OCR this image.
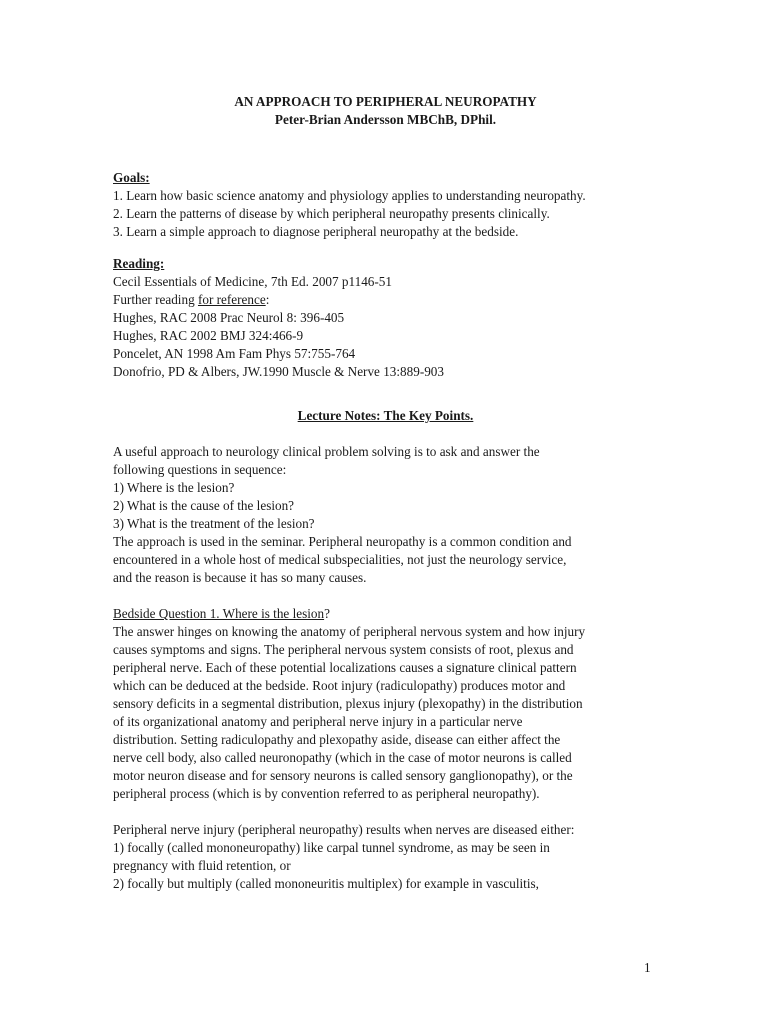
AN APPROACH TO PERIPHERAL NEUROPATHY
Peter-Brian Andersson MBChB, DPhil.
Goals:
1. Learn how basic science anatomy and physiology applies to understanding neuropathy.
2. Learn the patterns of disease by which peripheral neuropathy presents clinically.
3. Learn a simple approach to diagnose peripheral neuropathy at the bedside.
Reading:
Cecil Essentials of Medicine, 7th Ed. 2007 p1146-51
Further reading for reference:
Hughes, RAC 2008 Prac Neurol 8: 396-405
Hughes, RAC 2002 BMJ 324:466-9
Poncelet, AN 1998 Am Fam Phys 57:755-764
Donofrio, PD & Albers, JW.1990 Muscle & Nerve 13:889-903
Lecture Notes: The Key Points.
A useful approach to neurology clinical problem solving is to ask and answer the
following questions in sequence:
1) Where is the lesion?
2) What is the cause of the lesion?
3) What is the treatment of the lesion?
The approach is used in the seminar. Peripheral neuropathy is a common condition and
encountered in a whole host of medical subspecialities, not just the neurology service,
and the reason is because it has so many causes.
Bedside Question 1. Where is the lesion?
The answer hinges on knowing the anatomy of peripheral nervous system and how injury
causes symptoms and signs. The peripheral nervous system consists of root, plexus and
peripheral nerve. Each of these potential localizations causes a signature clinical pattern
which can be deduced at the bedside. Root injury (radiculopathy) produces motor and
sensory deficits in a segmental distribution, plexus injury (plexopathy) in the distribution
of its organizational anatomy and peripheral nerve injury in a particular nerve
distribution. Setting radiculopathy and plexopathy aside, disease can either affect the
nerve cell body, also called neuronopathy (which in the case of motor neurons is called
motor neuron disease and for sensory neurons is called sensory ganglionopathy), or the
peripheral process (which is by convention referred to as peripheral neuropathy).
Peripheral nerve injury (peripheral neuropathy) results when nerves are diseased either:
1) focally (called mononeuropathy) like carpal tunnel syndrome, as may be seen in
pregnancy with fluid retention, or
2) focally but multiply (called mononeuritis multiplex) for example in vasculitis,
1
